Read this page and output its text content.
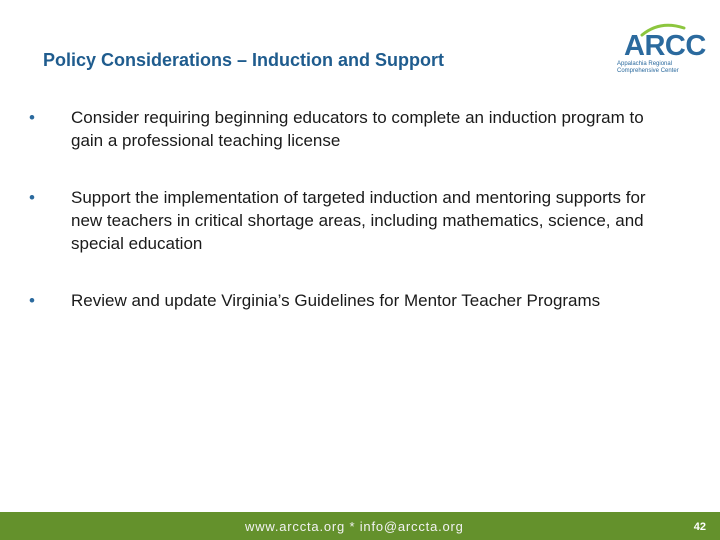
Policy Considerations – Induction and Support	ARCC
Appalachia Regional Comprehensive Center
• Consider requiring beginning educators to complete an induction program to gain a professional teaching license
• Support the implementation of targeted induction and mentoring supports for new teachers in critical shortage areas, including mathematics, science, and special education
• Review and update Virginia’s Guidelines for Mentor Teacher Programs
www.arccta.org * info@arccta.org	42
